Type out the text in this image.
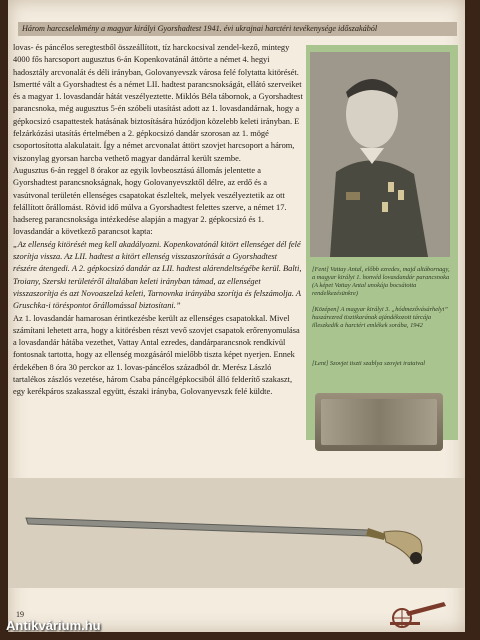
Három harccselekmény a magyar királyi Gyorshadtest 1941. évi ukrajnai harctéri tevékenysége időszakából

lovas- és páncélos seregtestből összeállított, tíz harckocsival zendel-kező, mintegy 4000 fős harcsoport augusztus 6-án Kopenkovatánál áttörte a német 4. hegyi hadosztály arcvonalát és déli irányban, Golovanyevszk városa felé folytatta kitörését. Ismertté vált a Gyorshadtest és a német LII. hadtest parancsnokságát, ellátó szerveiket és a magyar 1. lovasdandár hátát veszélyeztette. Miklós Béla tábornok, a Gyorshadtest parancsnoka, még augusztus 5-én szóbeli utasítást adott az 1. lovasdandárnak, hogy a gépkocsizó csapattestek hatásának biztosítására húzódjon közelebb keleti irányban. E felzárkózási utasítás értelmében a 2. gépkocsizó dandár szorosan az 1. mögé csoportosította alakulatait. Így a német arcvonalat áttört szovjet harcsoport a három, viszonylag gyorsan harcba vethető magyar dandárral került szembe.

Augusztus 6-án reggel 8 órakor az egyik lovbeosztású állomás jelentette a Gyorshadtest parancsnokságnak, hogy Golovanyevszktől délre, az erdő és a vasútvonal területén ellenséges csapatokat észleltek, melyek veszélyeztetik az ott felállított őrállomást. Rövid idő múlva a Gyorshadtest felettes szerve, a német 17. hadsereg parancsnoksága intézkedése alapján a magyar 2. gépkocsizó és 1. lovasdandár a következő parancsot kapta:

„Az ellenség kitörését meg kell akadályozni. Kopenkovatónál kitört ellenséget dél felé szorítja vissza. Az LII. hadtest a kitört ellenség visszaszorítását a Gyorshadtest részére átengedi. A 2. gépkocsizó dandár az LII. hadtest alárendeltségébe kerül. Balti, Troiany, Szerski területéről általában keleti irányban támad, az ellenséget visszaszorítja és azt Novoaszelzá keleti, Tarnovnka irányába szorítja és felszámolja. A Gruschka-i töréspontot őrállomással biztosítani.”

Az 1. lovasdandár hamarosan érintkezésbe került az ellenséges csapatokkal. Mivel számítani lehetett arra, hogy a kitörésben részt vevő szovjet csapatok erőrenyomulása a lovasdandár hátába vezethet, Vattay Antal ezredes, dandárparancsnok rendkívül fontosnak tartotta, hogy az ellenség mozgásáról mielőbb tiszta képet nyerjen. Ennek érdekében 8 óra 30 perckor az 1. lovas-páncélos századból dr. Merész László tartalékos zászlós vezetése, három Csaba páncélgépkocsiból álló felderítő szakaszt, egy kerékpáros szakasszal együtt, északi irányba, Golovanyevszk felé küldte.

[Fent] Vattay Antal, előbb ezredes, majd altábornagy, a magyar királyi 1. honvéd lovasdandár parancsnoka (A képet Vattay Antal unokája bocsátotta rendelkezésünkre)
[Középen] A magyar királyi 3. „hódmezővásárhelyi” huszárezred tisztikarának ajándékozott tárcája illeszkedik a harctéri emlékek sorába, 1942
[Lent] Szovjet tiszti szablya szovjet irataival
19
Antikvárium.hu
